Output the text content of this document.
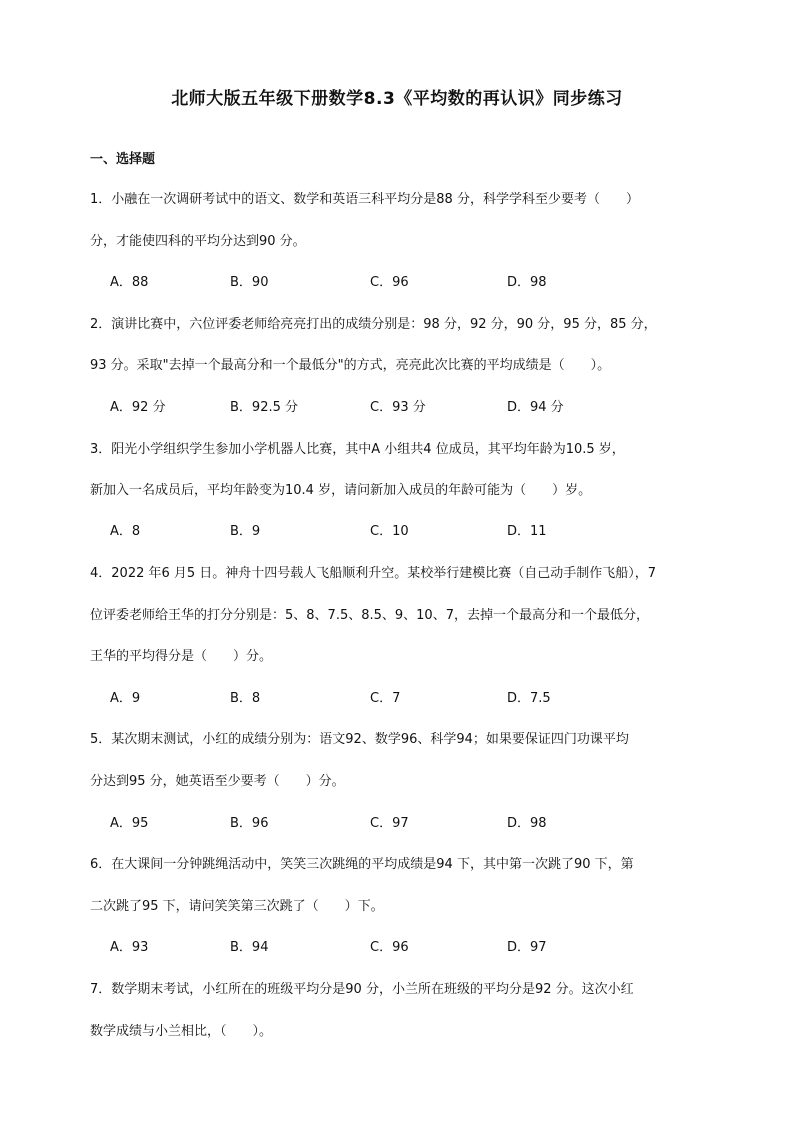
北师大版五年级下册数学8.3《平均数的再认识》同步练习
一、选择题
1．小融在一次调研考试中的语文、数学和英语三科平均分是88 分，科学学科至少要考（　　）
分，才能使四科的平均分达到90 分。
A．88	B．90	C．96	D．98
2．演讲比赛中，六位评委老师给亮亮打出的成绩分别是：98 分，92 分，90 分，95 分，85 分，
93 分。采取"去掉一个最高分和一个最低分"的方式，亮亮此次比赛的平均成绩是（　　）。
A．92 分	B．92.5 分	C．93 分	D．94 分
3．阳光小学组织学生参加小学机器人比赛，其中A 小组共4 位成员，其平均年龄为10.5 岁，
新加入一名成员后，平均年龄变为10.4 岁，请问新加入成员的年龄可能为（　　）岁。
A．8	B．9	C．10	D．11
4．2022 年6 月5 日。神舟十四号载人飞船顺利升空。某校举行建模比赛（自己动手制作飞船），7
位评委老师给王华的打分分别是：5、8、7.5、8.5、9、10、7，去掉一个最高分和一个最低分，
王华的平均得分是（　　）分。
A．9	B．8	C．7	D．7.5
5．某次期末测试，小红的成绩分别为：语文92、数学96、科学94；如果要保证四门功课平均
分达到95 分，她英语至少要考（　　）分。
A．95	B．96	C．97	D．98
6．在大课间一分钟跳绳活动中，笑笑三次跳绳的平均成绩是94 下，其中第一次跳了90 下，第
二次跳了95 下，请问笑笑第三次跳了（　　）下。
A．93	B．94	C．96	D．97
7．数学期末考试，小红所在的班级平均分是90 分，小兰所在班级的平均分是92 分。这次小红
数学成绩与小兰相比，（　　）。
